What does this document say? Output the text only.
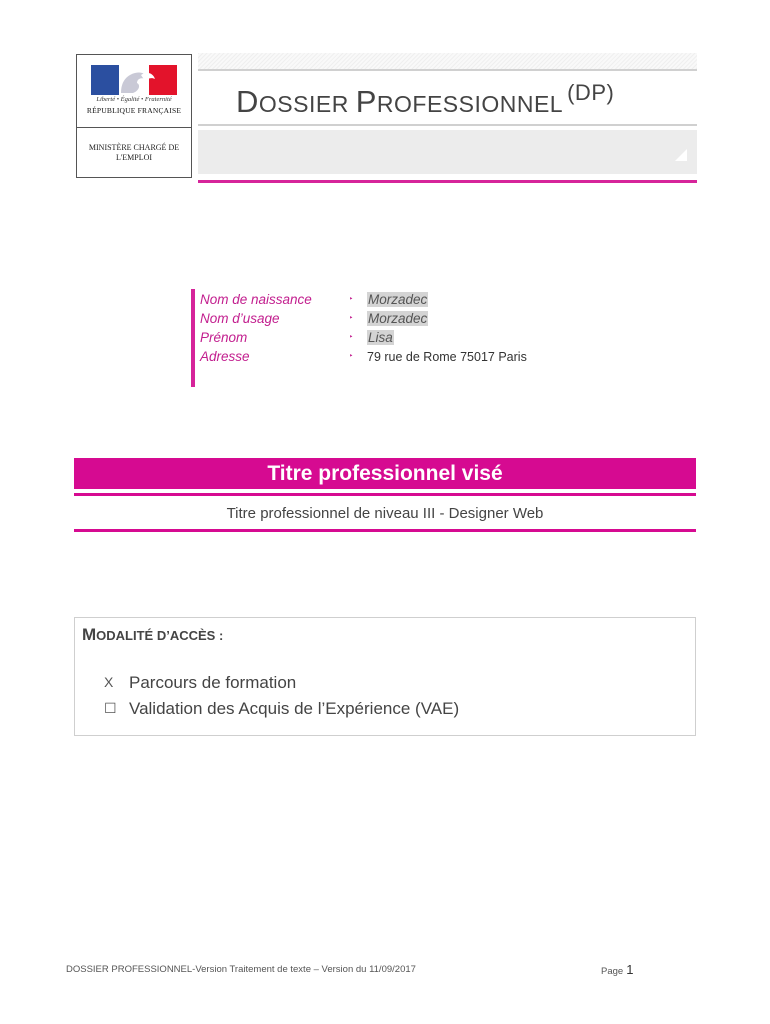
Liberté • Égalité • Fraternité
RÉPUBLIQUE FRANÇAISE
MINISTÈRE CHARGÉ DE L'EMPLOI
DOSSIER PROFESSIONNEL $^{(DP)}$
Nom de naissance	‣ Morzadec
Nom d’usage	‣ Morzadec
Prénom	‣ Lisa
Adresse	‣ 79 rue de Rome 75017 Paris
Titre professionnel visé
Titre professionnel de niveau III - Designer Web
MODALITÉ D’ACCÈS :
X Parcours de formation
☐ Validation des Acquis de l’Expérience (VAE)
DOSSIER PROFESSIONNEL-Version Traitement de texte – Version du 11/09/2017	Page 1
